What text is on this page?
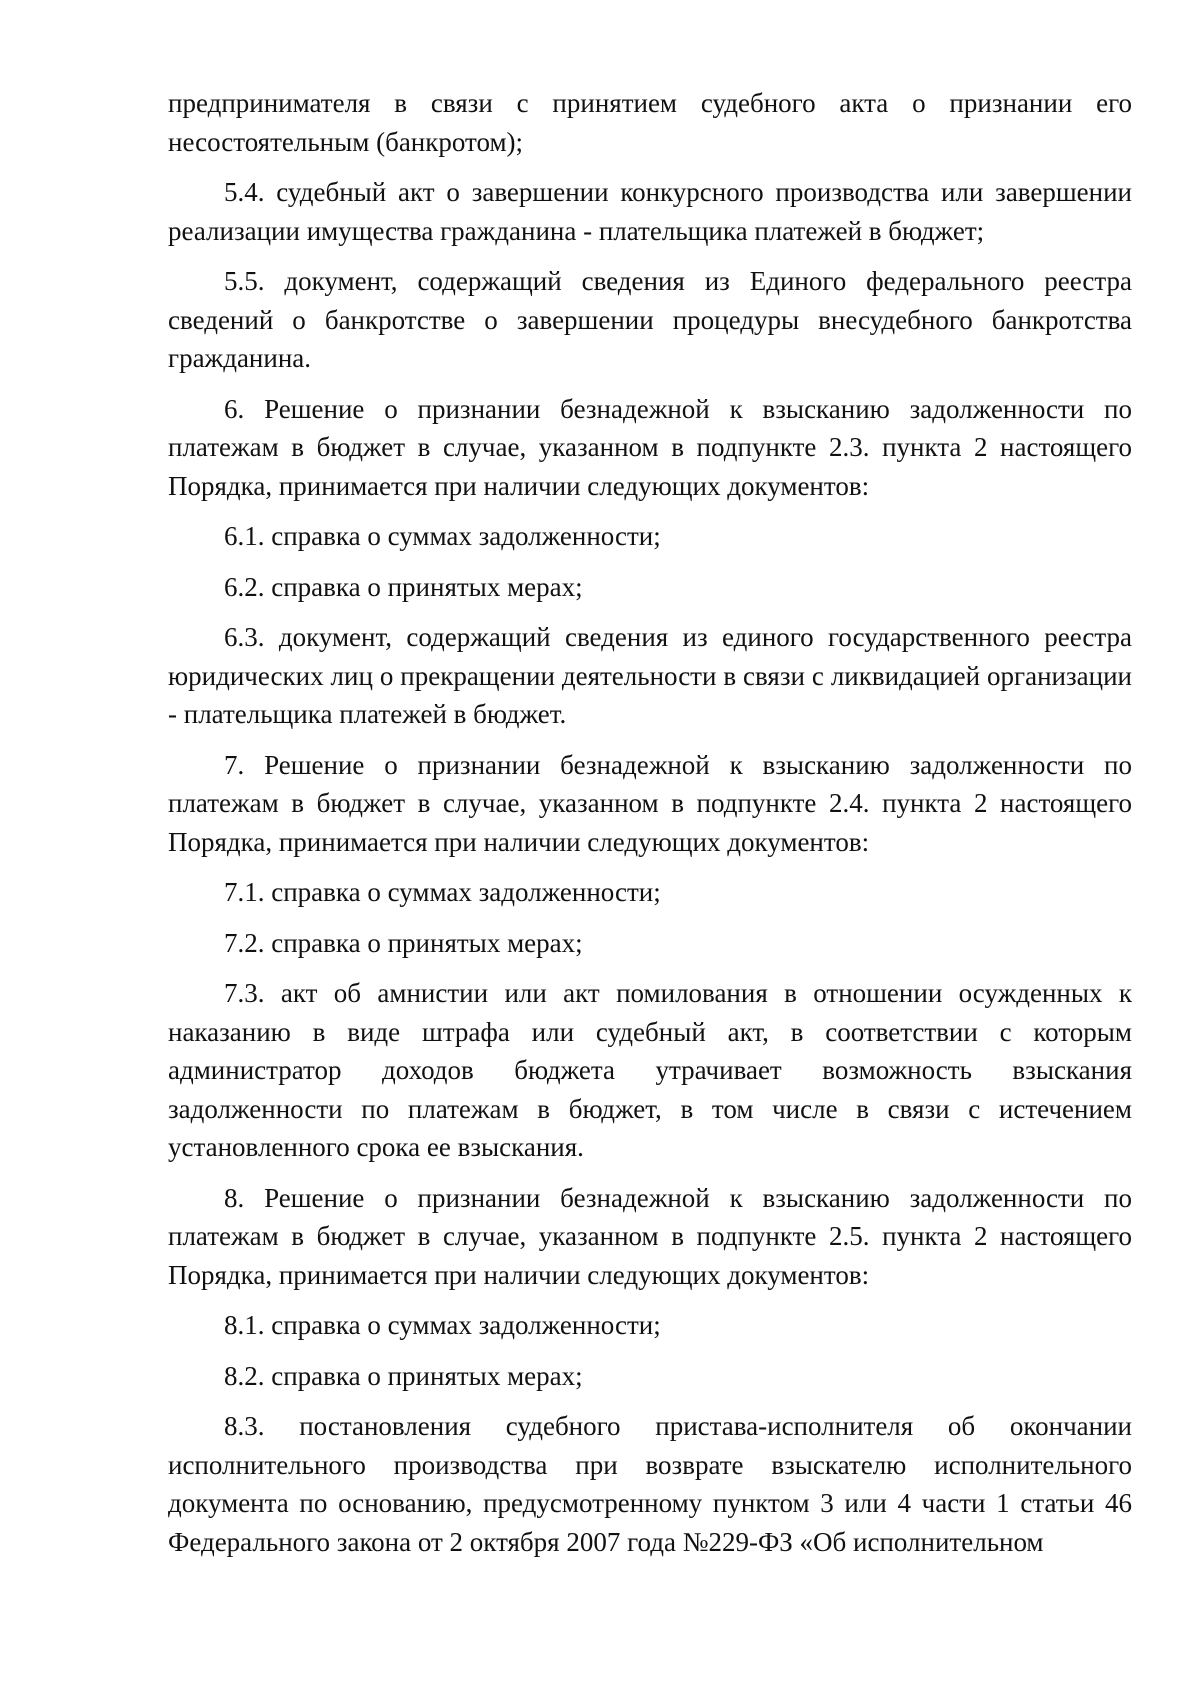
предпринимателя в связи с принятием судебного акта о признании его несостоятельным (банкротом);

5.4. судебный акт о завершении конкурсного производства или завершении реализации имущества гражданина - плательщика платежей в бюджет;

5.5. документ, содержащий сведения из Единого федерального реестра сведений о банкротстве о завершении процедуры внесудебного банкротства гражданина.

6. Решение о признании безнадежной к взысканию задолженности по платежам в бюджет в случае, указанном в подпункте 2.3. пункта 2 настоящего Порядка, принимается при наличии следующих документов:

6.1. справка о суммах задолженности;

6.2. справка о принятых мерах;

6.3. документ, содержащий сведения из единого государственного реестра юридических лиц о прекращении деятельности в связи с ликвидацией организации - плательщика платежей в бюджет.

7. Решение о признании безнадежной к взысканию задолженности по платежам в бюджет в случае, указанном в подпункте 2.4. пункта 2 настоящего Порядка, принимается при наличии следующих документов:

7.1. справка о суммах задолженности;

7.2. справка о принятых мерах;

7.3. акт об амнистии или акт помилования в отношении осужденных к наказанию в виде штрафа или судебный акт, в соответствии с которым администратор доходов бюджета утрачивает возможность взыскания задолженности по платежам в бюджет, в том числе в связи с истечением установленного срока ее взыскания.

8. Решение о признании безнадежной к взысканию задолженности по платежам в бюджет в случае, указанном в подпункте 2.5. пункта 2 настоящего Порядка, принимается при наличии следующих документов:

8.1. справка о суммах задолженности;

8.2. справка о принятых мерах;

8.3. постановления судебного пристава-исполнителя об окончании исполнительного производства при возврате взыскателю исполнительного документа по основанию, предусмотренному пунктом 3 или 4 части 1 статьи 46 Федерального закона от 2 октября 2007 года №229-ФЗ «Об исполнительном
